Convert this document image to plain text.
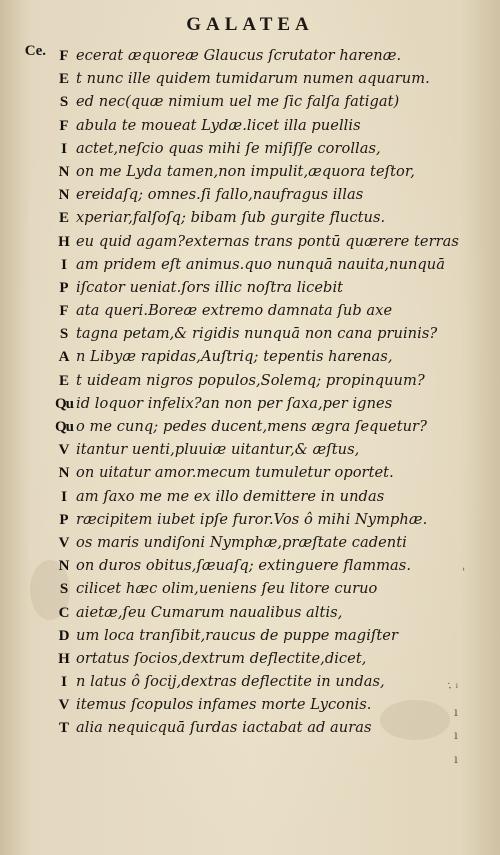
GALATEA
Ce. F ecerat æquoreæ Glaucus ſcrutator harenæ.
E t nunc ille quidem tumidarum numen aquarum.
S ed nec(quæ nimium uel me ſic falſa fatigat)
F abula te moueat Lydæ.licet illa puellis
I actet,neſcio quas mihi ſe miſiſſe corollas,
N on me Lyda tamen,non impulit,æquora teſtor,
N ereidaſq; omnes.ſi fallo,naufragus illas
E xperiar,falſoſq; bibam ſub gurgite fluctus.
H eu quid agam?externas trans pontū quærere terras
I am pridem eſt animus.quo nunquā nauita,nunquā
P iſcator ueniat.ſors illic noſtra licebit
F ata queri.Boreæ extremo damnata ſub axe
S tagna petam,& rigidis nunquā non cana pruinis?
A n Libyæ rapidas,Auſtriq; tepentis harenas,
E t uideam nigros populos,Solemq; propinquum?
Qu id loquor infelix?an non per ſaxa,per ignes
Qu o me cunq; pedes ducent,mens ægra ſequetur?
V itantur uenti,pluuiæ uitantur,& æſtus,
N on uitatur amor.mecum tumuletur oportet.
I am ſaxo me me ex illo demittere in undas
P ræcipitem iubet ipſe furor.Vos ô mihi Nymphæ.
V os maris undiſoni Nymphæ,præſtate cadenti
N on duros obitus,ſæuaſq; extinguere flammas.
S cilicet hæc olim,ueniens ſeu litore curuo
C aietæ,ſeu Cumarum naualibus altis,
D um loca tranſibit,raucus de puppe magiſter
H ortatus ſocios,dextrum deflectite,dicet,
I n latus ô ſocij,dextras deflectite in undas,
V itemus ſcopulos infames morte Lyconis.
T alia nequicquā ſurdas iactabat ad auras
ˈ
·̇ ⁱ
ı
ı
ı
